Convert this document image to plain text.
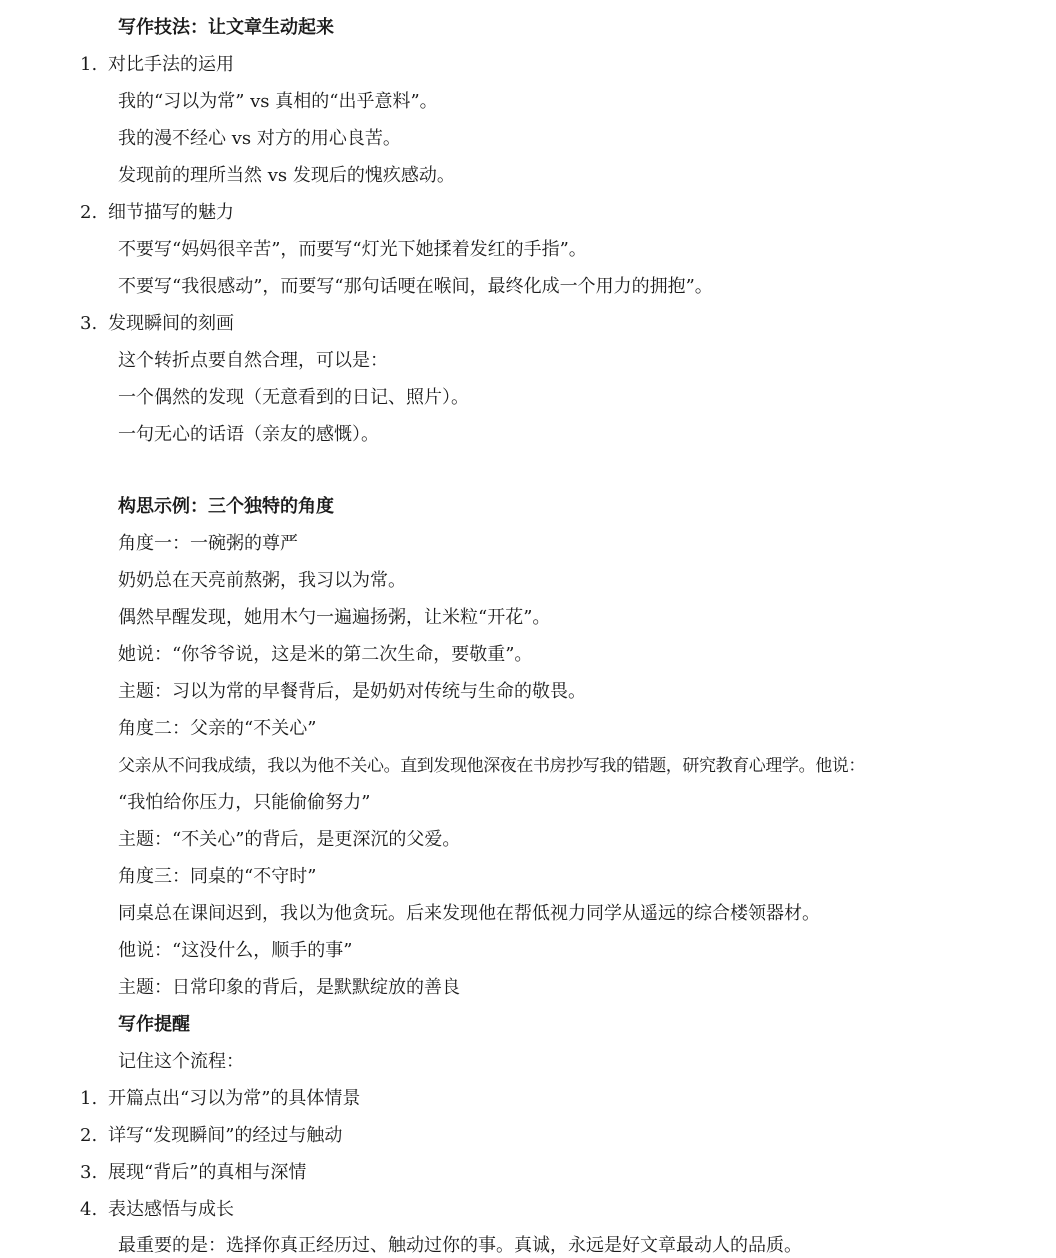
写作技法：让文章生动起来
1. 对比手法的运用
我的“习以为常” vs 真相的“出乎意料”。
我的漫不经心 vs 对方的用心良苦。
发现前的理所当然 vs 发现后的愧疚感动。
2. 细节描写的魅力
不要写“妈妈很辛苦”，而要写“灯光下她揉着发红的手指”。
不要写“我很感动”，而要写“那句话哽在喉间，最终化成一个用力的拥抱”。
3. 发现瞬间的刻画
这个转折点要自然合理，可以是：
一个偶然的发现（无意看到的日记、照片）。
一句无心的话语（亲友的感慨）。
构思示例：三个独特的角度
角度一：一碗粥的尊严
奶奶总在天亮前熬粥，我习以为常。
偶然早醒发现，她用木勺一遍遍扬粥，让米粒“开花”。
她说：“你爷爷说，这是米的第二次生命，要敬重”。
主题：习以为常的早餐背后，是奶奶对传统与生命的敬畏。
角度二：父亲的“不关心”
父亲从不问我成绩，我以为他不关心。直到发现他深夜在书房抄写我的错题，研究教育心理学。他说：
“我怕给你压力，只能偷偷努力”
主题：“不关心”的背后，是更深沉的父爱。
角度三：同桌的“不守时”
同桌总在课间迟到，我以为他贪玩。后来发现他在帮低视力同学从遥远的综合楼领器材。
他说：“这没什么，顺手的事”
主题：日常印象的背后，是默默绽放的善良
写作提醒
记住这个流程：
1. 开篇点出“习以为常”的具体情景
2. 详写“发现瞬间”的经过与触动
3. 展现“背后”的真相与深情
4. 表达感悟与成长
最重要的是：选择你真正经历过、触动过你的事。真诚，永远是好文章最动人的品质。
